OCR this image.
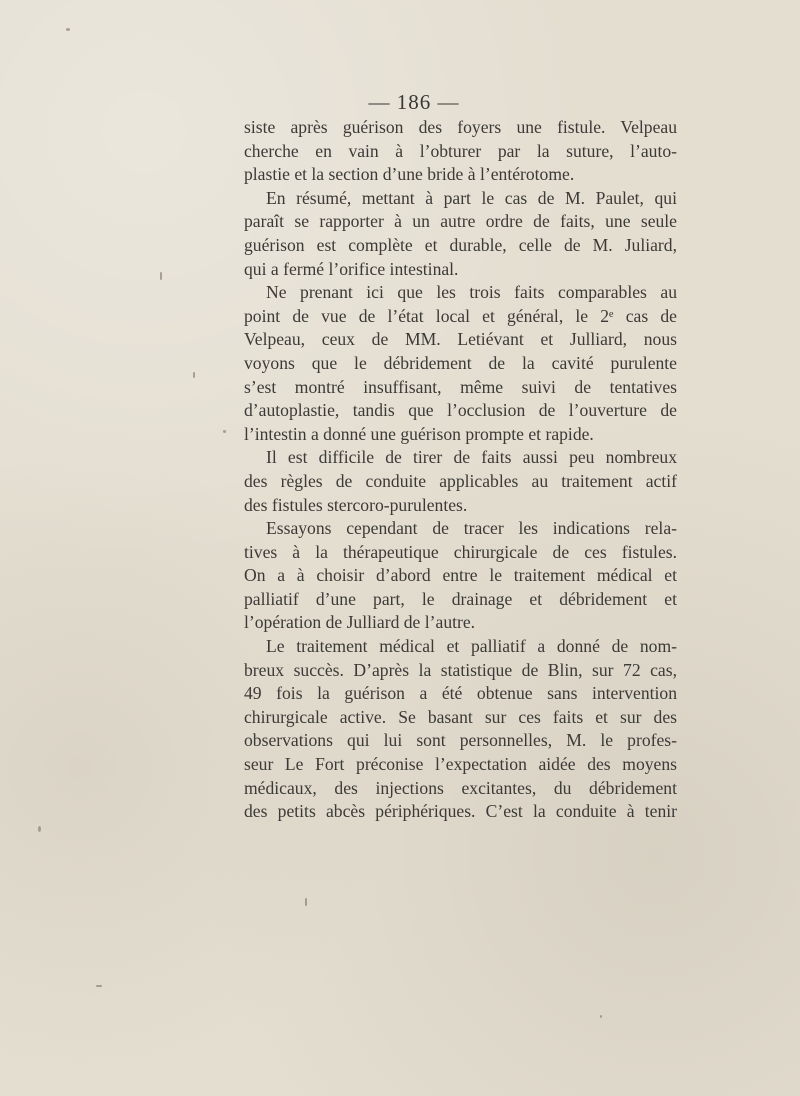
— 186 —
siste après guérison des foyers une fistule. Velpeau
cherche en vain à l’obturer par la suture, l’auto-
plastie et la section d’une bride à l’entérotome.
En résumé, mettant à part le cas de M. Paulet, qui
paraît se rapporter à un autre ordre de faits, une seule
guérison est complète et durable, celle de M. Juliard,
qui a fermé l’orifice intestinal.
Ne prenant ici que les trois faits comparables au
point de vue de l’état local et général, le 2ᵉ cas de
Velpeau, ceux de MM. Letiévant et Julliard, nous
voyons que le débridement de la cavité purulente
s’est montré insuffisant, même suivi de tentatives
d’autoplastie, tandis que l’occlusion de l’ouverture de
l’intestin a donné une guérison prompte et rapide.
Il est difficile de tirer de faits aussi peu nombreux
des règles de conduite applicables au traitement actif
des fistules stercoro-purulentes.
Essayons cependant de tracer les indications rela-
tives à la thérapeutique chirurgicale de ces fistules.
On a à choisir d’abord entre le traitement médical et
palliatif d’une part, le drainage et débridement et
l’opération de Julliard de l’autre.
Le traitement médical et palliatif a donné de nom-
breux succès. D’après la statistique de Blin, sur 72 cas,
49 fois la guérison a été obtenue sans intervention
chirurgicale active. Se basant sur ces faits et sur des
observations qui lui sont personnelles, M. le profes-
seur Le Fort préconise l’expectation aidée des moyens
médicaux, des injections excitantes, du débridement
des petits abcès périphériques. C’est la conduite à tenir
